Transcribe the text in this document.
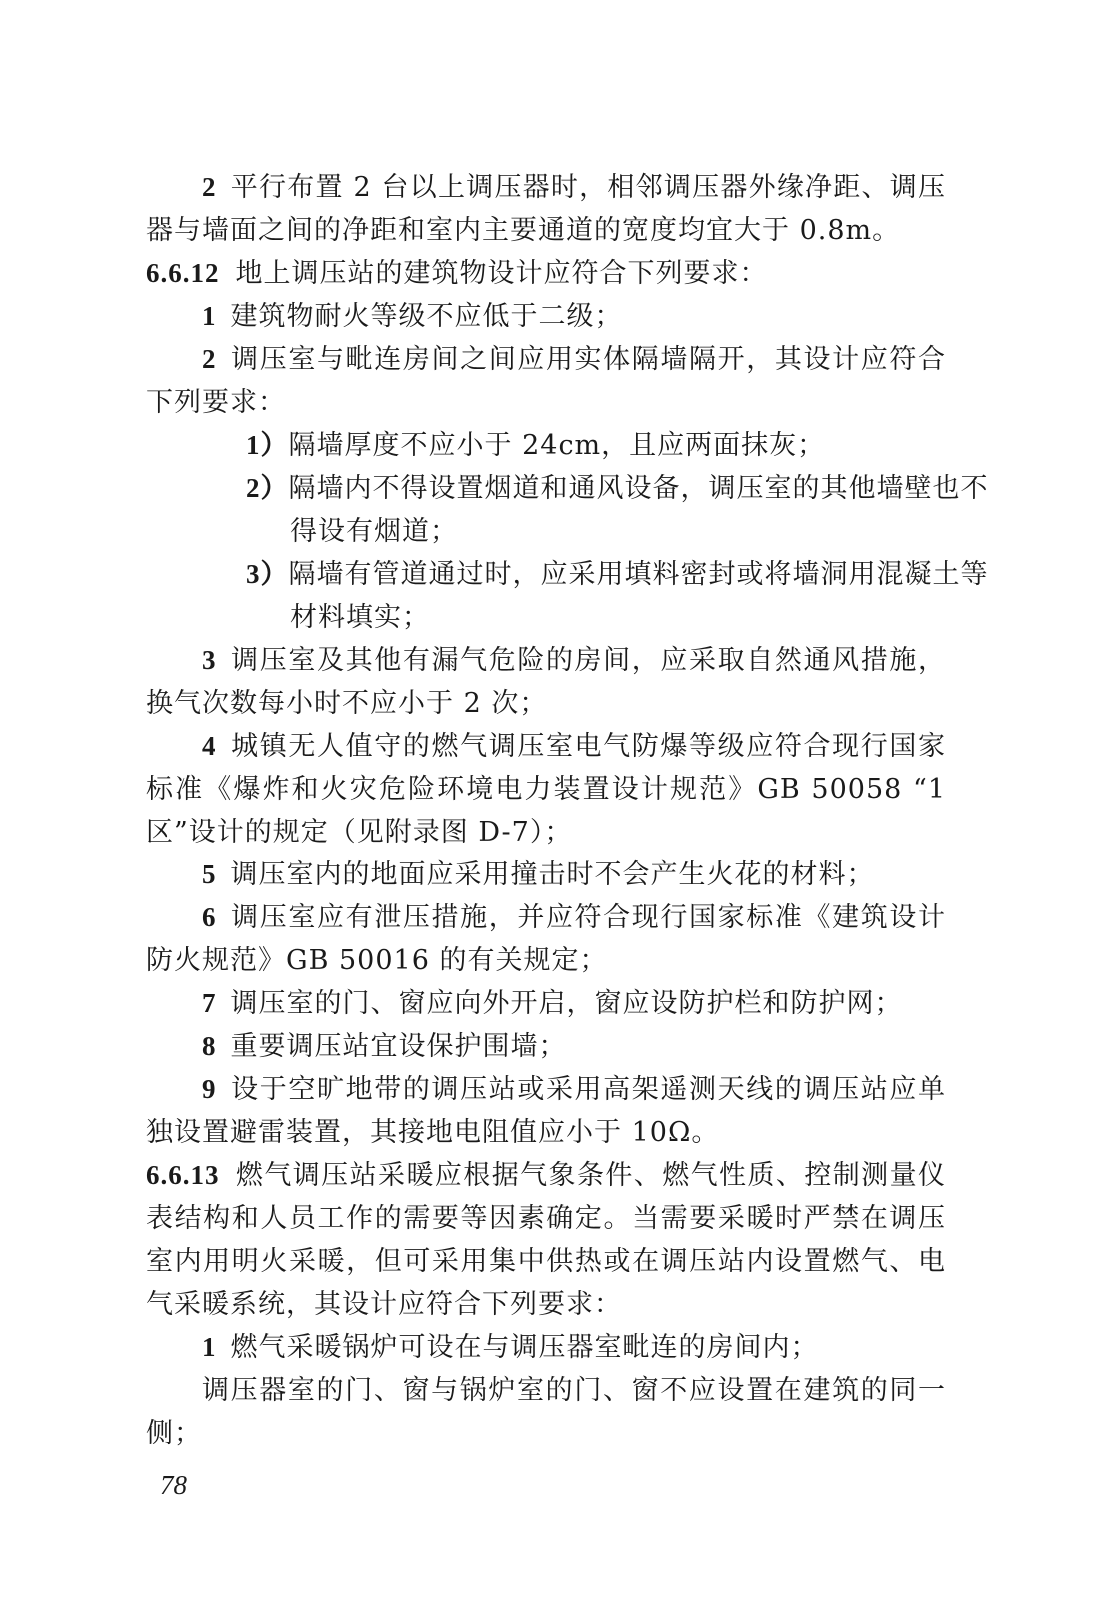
2 平行布置 2 台以上调压器时，相邻调压器外缘净距、调压器与墙面之间的净距和室内主要通道的宽度均宜大于 0.8m。

6.6.12 地上调压站的建筑物设计应符合下列要求：

1 建筑物耐火等级不应低于二级；

2 调压室与毗连房间之间应用实体隔墙隔开，其设计应符合下列要求：

1）隔墙厚度不应小于 24cm，且应两面抹灰；

2）隔墙内不得设置烟道和通风设备，调压室的其他墙壁也不得设有烟道；

3）隔墙有管道通过时，应采用填料密封或将墙洞用混凝土等材料填实；

3 调压室及其他有漏气危险的房间，应采取自然通风措施，换气次数每小时不应小于 2 次；

4 城镇无人值守的燃气调压室电气防爆等级应符合现行国家标准《爆炸和火灾危险环境电力装置设计规范》GB 50058 “1 区”设计的规定（见附录图 D-7）；

5 调压室内的地面应采用撞击时不会产生火花的材料；

6 调压室应有泄压措施，并应符合现行国家标准《建筑设计防火规范》GB 50016 的有关规定；

7 调压室的门、窗应向外开启，窗应设防护栏和防护网；

8 重要调压站宜设保护围墙；

9 设于空旷地带的调压站或采用高架遥测天线的调压站应单独设置避雷装置，其接地电阻值应小于 10Ω。

6.6.13 燃气调压站采暖应根据气象条件、燃气性质、控制测量仪表结构和人员工作的需要等因素确定。当需要采暖时严禁在调压室内用明火采暖，但可采用集中供热或在调压站内设置燃气、电气采暖系统，其设计应符合下列要求：

1 燃气采暖锅炉可设在与调压器室毗连的房间内；

调压器室的门、窗与锅炉室的门、窗不应设置在建筑的同一侧；

78
